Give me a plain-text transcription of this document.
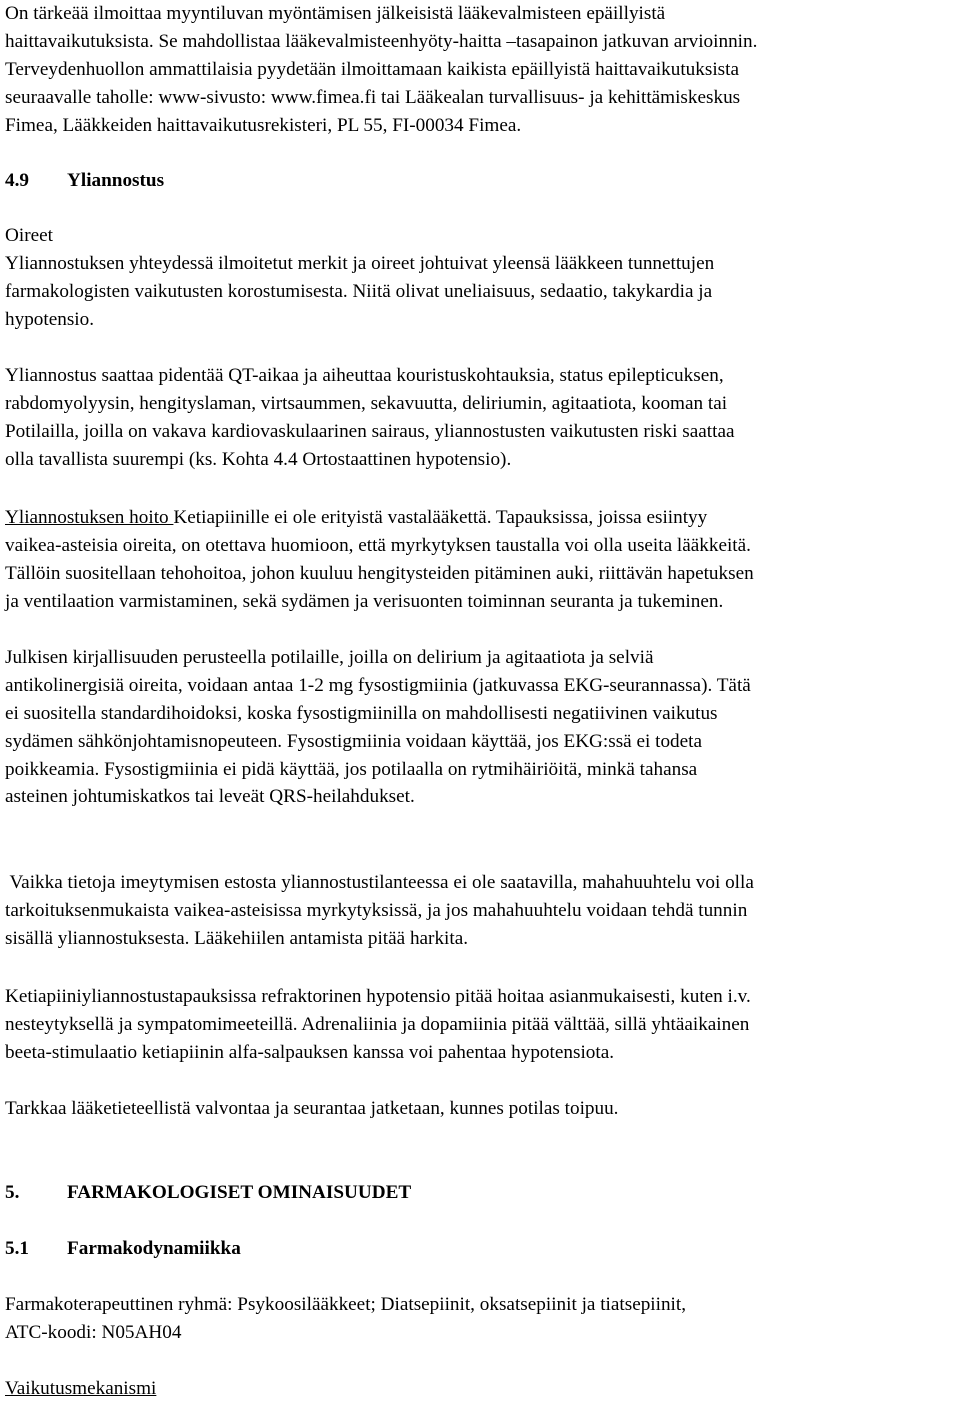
On tärkeää ilmoittaa myyntiluvan myöntämisen jälkeisistä lääkevalmisteen epäillyistä
haittavaikutuksista. Se mahdollistaa lääkevalmisteenhyöty-haitta –tasapainon jatkuvan arvioinnin.
Terveydenhuollon ammattilaisia pyydetään ilmoittamaan kaikista epäillyistä haittavaikutuksista
seuraavalle taholle: www-sivusto: www.fimea.fi tai Lääkealan turvallisuus- ja kehittämiskeskus
Fimea, Lääkkeiden haittavaikutusrekisteri, PL 55, FI-00034 Fimea.
4.9 Yliannostus
Oireet
Yliannostuksen yhteydessä ilmoitetut merkit ja oireet johtuivat yleensä lääkkeen tunnettujen
farmakologisten vaikutusten korostumisesta. Niitä olivat uneliaisuus, sedaatio, takykardia ja
hypotensio.
Yliannostus saattaa pidentää QT-aikaa ja aiheuttaa kouristuskohtauksia, status epilepticuksen,
rabdomyolyysin, hengityslaman, virtsaummen, sekavuutta, deliriumin, agitaatiota, kooman tai
Potilailla, joilla on vakava kardiovaskulaarinen sairaus, yliannostusten vaikutusten riski saattaa
olla tavallista suurempi (ks. Kohta 4.4 Ortostaattinen hypotensio).
Yliannostuksen hoito Ketiapiinille ei ole erityistä vastalääkettä. Tapauksissa, joissa esiintyy
vaikea-asteisia oireita, on otettava huomioon, että myrkytyksen taustalla voi olla useita lääkkeitä.
Tällöin suositellaan tehohoitoa, johon kuuluu hengitysteiden pitäminen auki, riittävän hapetuksen
ja ventilaation varmistaminen, sekä sydämen ja verisuonten toiminnan seuranta ja tukeminen.
Julkisen kirjallisuuden perusteella potilaille, joilla on delirium ja agitaatiota ja selviä
antikolinergisiä oireita, voidaan antaa 1-2 mg fysostigmiinia (jatkuvassa EKG-seurannassa). Tätä
ei suositella standardihoidoksi, koska fysostigmiinilla on mahdollisesti negatiivinen vaikutus
sydämen sähkönjohtamisnopeuteen. Fysostigmiinia voidaan käyttää, jos EKG:ssä ei todeta
poikkeamia. Fysostigmiinia ei pidä käyttää, jos potilaalla on rytmihäiriöitä, minkä tahansa
asteinen johtumiskatkos tai leveät QRS-heilahdukset.
Vaikka tietoja imeytymisen estosta yliannostustilanteessa ei ole saatavilla, mahahuuhtelu voi olla
tarkoituksenmukaista vaikea-asteisissa myrkytyksissä, ja jos mahahuuhtelu voidaan tehdä tunnin
sisällä yliannostuksesta. Lääkehiilen antamista pitää harkita.
Ketiapiiniyliannostustapauksissa refraktorinen hypotensio pitää hoitaa asianmukaisesti, kuten i.v.
nesteytyksellä ja sympatomimeeteillä. Adrenaliinia ja dopamiinia pitää välttää, sillä yhtäaikainen
beeta-stimulaatio ketiapiinin alfa-salpauksen kanssa voi pahentaa hypotensiota.
Tarkkaa lääketieteellistä valvontaa ja seurantaa jatketaan, kunnes potilas toipuu.
5. FARMAKOLOGISET OMINAISUUDET
5.1 Farmakodynamiikka
Farmakoterapeuttinen ryhmä: Psykoosilääkkeet; Diatsepiinit, oksatsepiinit ja tiatsepiinit,
ATC-koodi: N05AH04
Vaikutusmekanismi
